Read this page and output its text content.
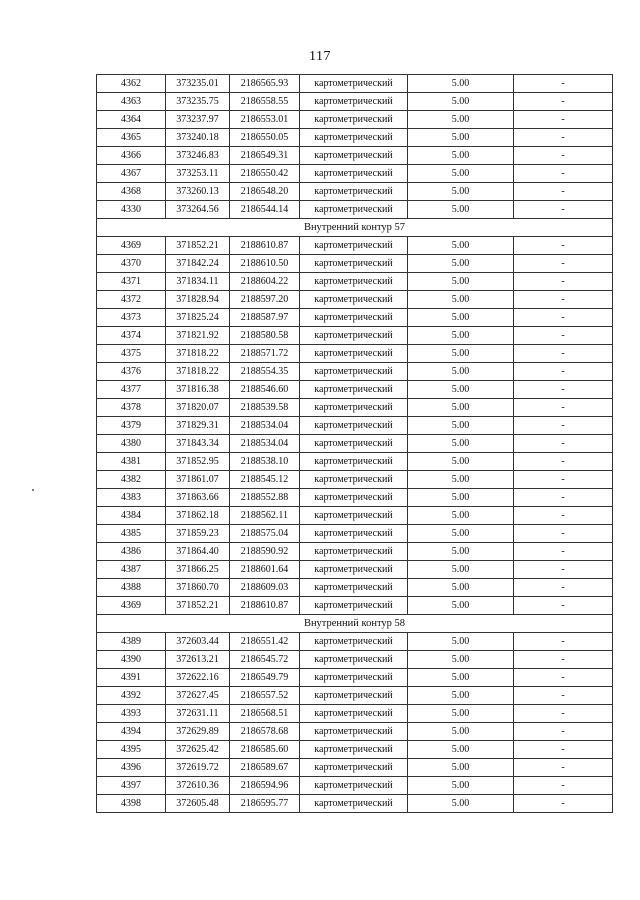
117
4362	373235.01	2186565.93	картометрический	5.00	-
4363	373235.75	2186558.55	картометрический	5.00	-
4364	373237.97	2186553.01	картометрический	5.00	-
4365	373240.18	2186550.05	картометрический	5.00	-
4366	373246.83	2186549.31	картометрический	5.00	-
4367	373253.11	2186550.42	картометрический	5.00	-
4368	373260.13	2186548.20	картометрический	5.00	-
4330	373264.56	2186544.14	картометрический	5.00	-
Внутренний контур 57					
4369	371852.21	2188610.87	картометрический	5.00	-
4370	371842.24	2188610.50	картометрический	5.00	-
4371	371834.11	2188604.22	картометрический	5.00	-
4372	371828.94	2188597.20	картометрический	5.00	-
4373	371825.24	2188587.97	картометрический	5.00	-
4374	371821.92	2188580.58	картометрический	5.00	-
4375	371818.22	2188571.72	картометрический	5.00	-
4376	371818.22	2188554.35	картометрический	5.00	-
4377	371816.38	2188546.60	картометрический	5.00	-
4378	371820.07	2188539.58	картометрический	5.00	-
4379	371829.31	2188534.04	картометрический	5.00	-
4380	371843.34	2188534.04	картометрический	5.00	-
4381	371852.95	2188538.10	картометрический	5.00	-
4382	371861.07	2188545.12	картометрический	5.00	-
4383	371863.66	2188552.88	картометрический	5.00	-
4384	371862.18	2188562.11	картометрический	5.00	-
4385	371859.23	2188575.04	картометрический	5.00	-
4386	371864.40	2188590.92	картометрический	5.00	-
4387	371866.25	2188601.64	картометрический	5.00	-
4388	371860.70	2188609.03	картометрический	5.00	-
4369	371852.21	2188610.87	картометрический	5.00	-
Внутренний контур 58					
4389	372603.44	2186551.42	картометрический	5.00	-
4390	372613.21	2186545.72	картометрический	5.00	-
4391	372622.16	2186549.79	картометрический	5.00	-
4392	372627.45	2186557.52	картометрический	5.00	-
4393	372631.11	2186568.51	картометрический	5.00	-
4394	372629.89	2186578.68	картометрический	5.00	-
4395	372625.42	2186585.60	картометрический	5.00	-
4396	372619.72	2186589.67	картометрический	5.00	-
4397	372610.36	2186594.96	картометрический	5.00	-
4398	372605.48	2186595.77	картометрический	5.00	-
